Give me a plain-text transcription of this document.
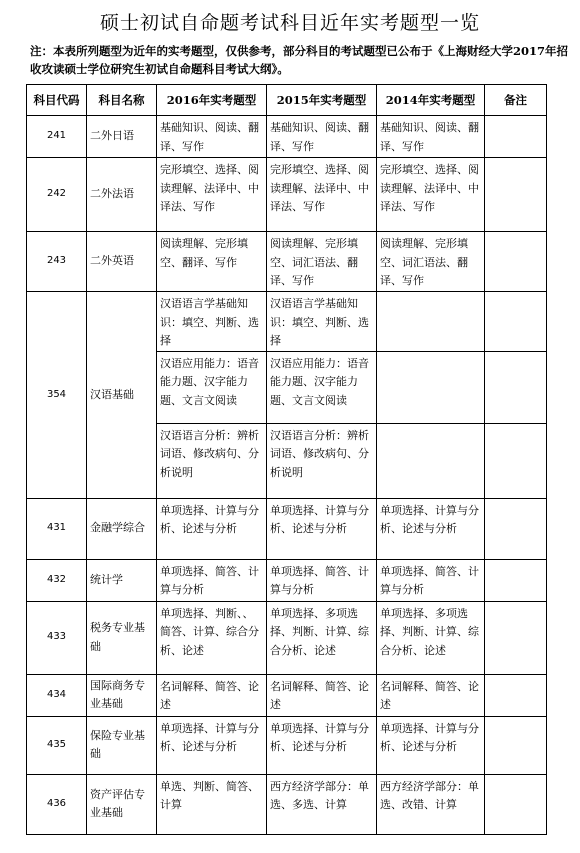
硕士初试自命题考试科目近年实考题型一览
注：本表所列题型为近年的实考题型，仅供参考，部分科目的考试题型已公布于《上海财经大学2017年招收攻读硕士学位研究生初试自命题科目考试大纲》。
科目代码	科目名称	2016年实考题型	2015年实考题型	2014年实考题型	备注
241	二外日语	基础知识、阅读、翻译、写作	基础知识、阅读、翻译、写作	基础知识、阅读、翻译、写作	
242	二外法语	完形填空、选择、阅读理解、法译中、中译法、写作	完形填空、选择、阅读理解、法译中、中译法、写作	完形填空、选择、阅读理解、法译中、中译法、写作	
243	二外英语	阅读理解、完形填空、翻译、写作	阅读理解、完形填空、词汇语法、翻译、写作	阅读理解、完形填空、词汇语法、翻译、写作	
354	汉语基础	汉语语言学基础知识：填空、判断、选择	汉语语言学基础知识：填空、判断、选择		
		汉语应用能力：语音能力题、汉字能力题、文言文阅读	汉语应用能力：语音能力题、汉字能力题、文言文阅读		
		汉语语言分析：辨析词语、修改病句、分析说明	汉语语言分析：辨析词语、修改病句、分析说明		
431	金融学综合	单项选择、计算与分析、论述与分析	单项选择、计算与分析、论述与分析	单项选择、计算与分析、论述与分析	
432	统计学	单项选择、简答、计算与分析	单项选择、简答、计算与分析	单项选择、简答、计算与分析	
433	税务专业基础	单项选择、判断、、简答、计算、综合分析、论述	单项选择、多项选择、判断、计算、综合分析、论述	单项选择、多项选择、判断、计算、综合分析、论述	
434	国际商务专业基础	名词解释、简答、论述	名词解释、简答、论述	名词解释、简答、论述	
435	保险专业基础	单项选择、计算与分析、论述与分析	单项选择、计算与分析、论述与分析	单项选择、计算与分析、论述与分析	
436	资产评估专业基础	单选、判断、简答、计算	西方经济学部分：单选、多选、计算	西方经济学部分：单选、改错、计算	
